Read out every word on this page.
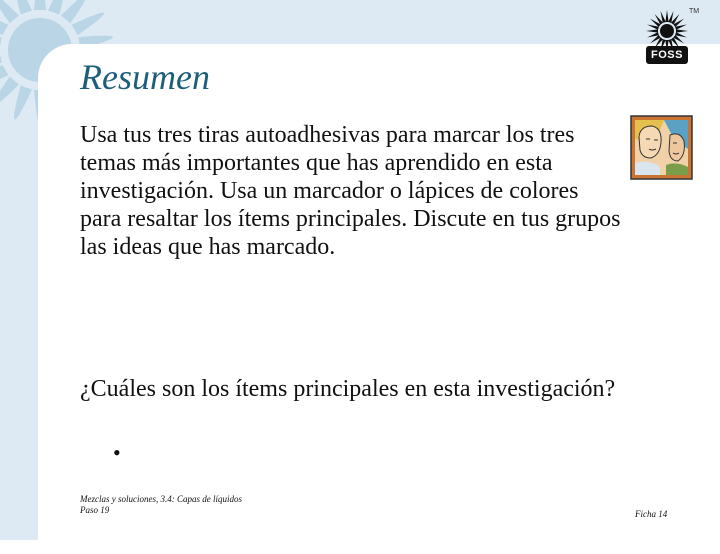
Resumen

Usa tus tres tiras autoadhesivas para marcar los tres temas más importantes que has aprendido en esta investigación. Usa un marcador o lápices de colores para resaltar los ítems principales. Discute en tus grupos las ideas que has marcado.

¿Cuáles son los ítems principales en esta investigación?

•
TM
FOSS
Mezclas y soluciones, 3.4: Capas de líquidos
Paso 19	Ficha 14
